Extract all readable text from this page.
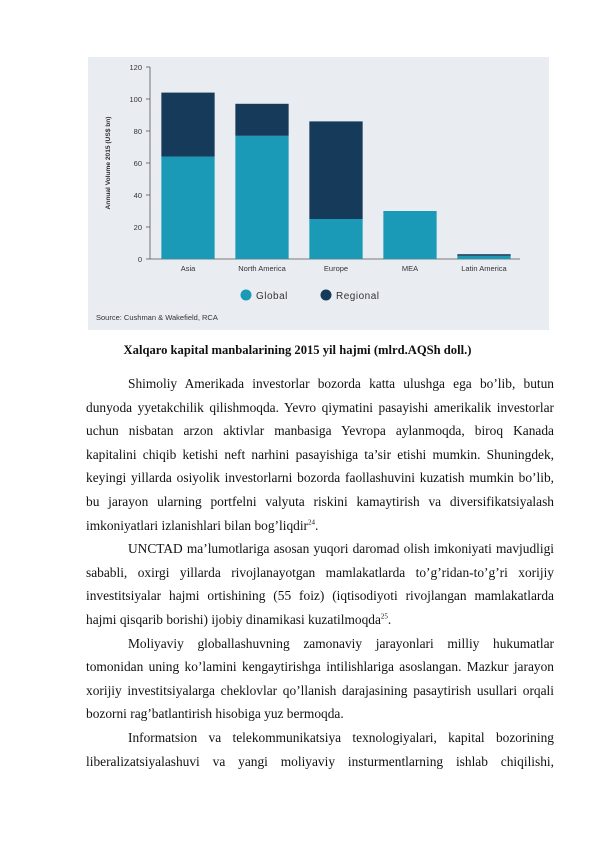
0
20
40
60
80
100
120
Annual Volume 2015 (US$ bn)
Asia	North America	Europe	MEA	Latin America
Global	Regional
Source: Cushman & Wakefield, RCA
Xalqaro kapital manbalarining 2015 yil hajmi (mlrd.AQSh doll.)

Shimoliy Amerikada investorlar bozorda katta ulushga ega bo’lib, butun dunyoda yyetakchilik qilishmoqda. Yevro qiymatini pasayishi amerikalik investorlar uchun nisbatan arzon aktivlar manbasiga Yevropa aylanmoqda, biroq Kanada kapitalini chiqib ketishi neft narhini pasayishiga ta’sir etishi mumkin. Shuningdek, keyingi yillarda osiyolik investorlarni bozorda faollashuvini kuzatish mumkin bo’lib, bu jarayon ularning portfelni valyuta riskini kamaytirish va diversifikatsiyalash imkoniyatlari izlanishlari bilan bog’liqdir$^{24}$.

UNCTAD ma’lumotlariga asosan yuqori daromad olish imkoniyati mavjudligi sababli, oxirgi yillarda rivojlanayotgan mamlakatlarda to’g’ridan-to’g’ri xorijiy investitsiyalar hajmi ortishining (55 foiz) (iqtisodiyoti rivojlangan mamlakatlarda hajmi qisqarib borishi) ijobiy dinamikasi kuzatilmoqda$^{25}$.

Moliyaviy globallashuvning zamonaviy jarayonlari milliy hukumatlar tomonidan uning ko’lamini kengaytirishga intilishlariga asoslangan. Mazkur jarayon xorijiy investitsiyalarga cheklovlar qo’llanish darajasining pasaytirish usullari orqali bozorni rag’batlantirish hisobiga yuz bermoqda.

Informatsion va telekommunikatsiya texnologiyalari, kapital bozorining liberalizatsiyalashuvi va yangi moliyaviy insturmentlarning ishlab chiqilishi,
